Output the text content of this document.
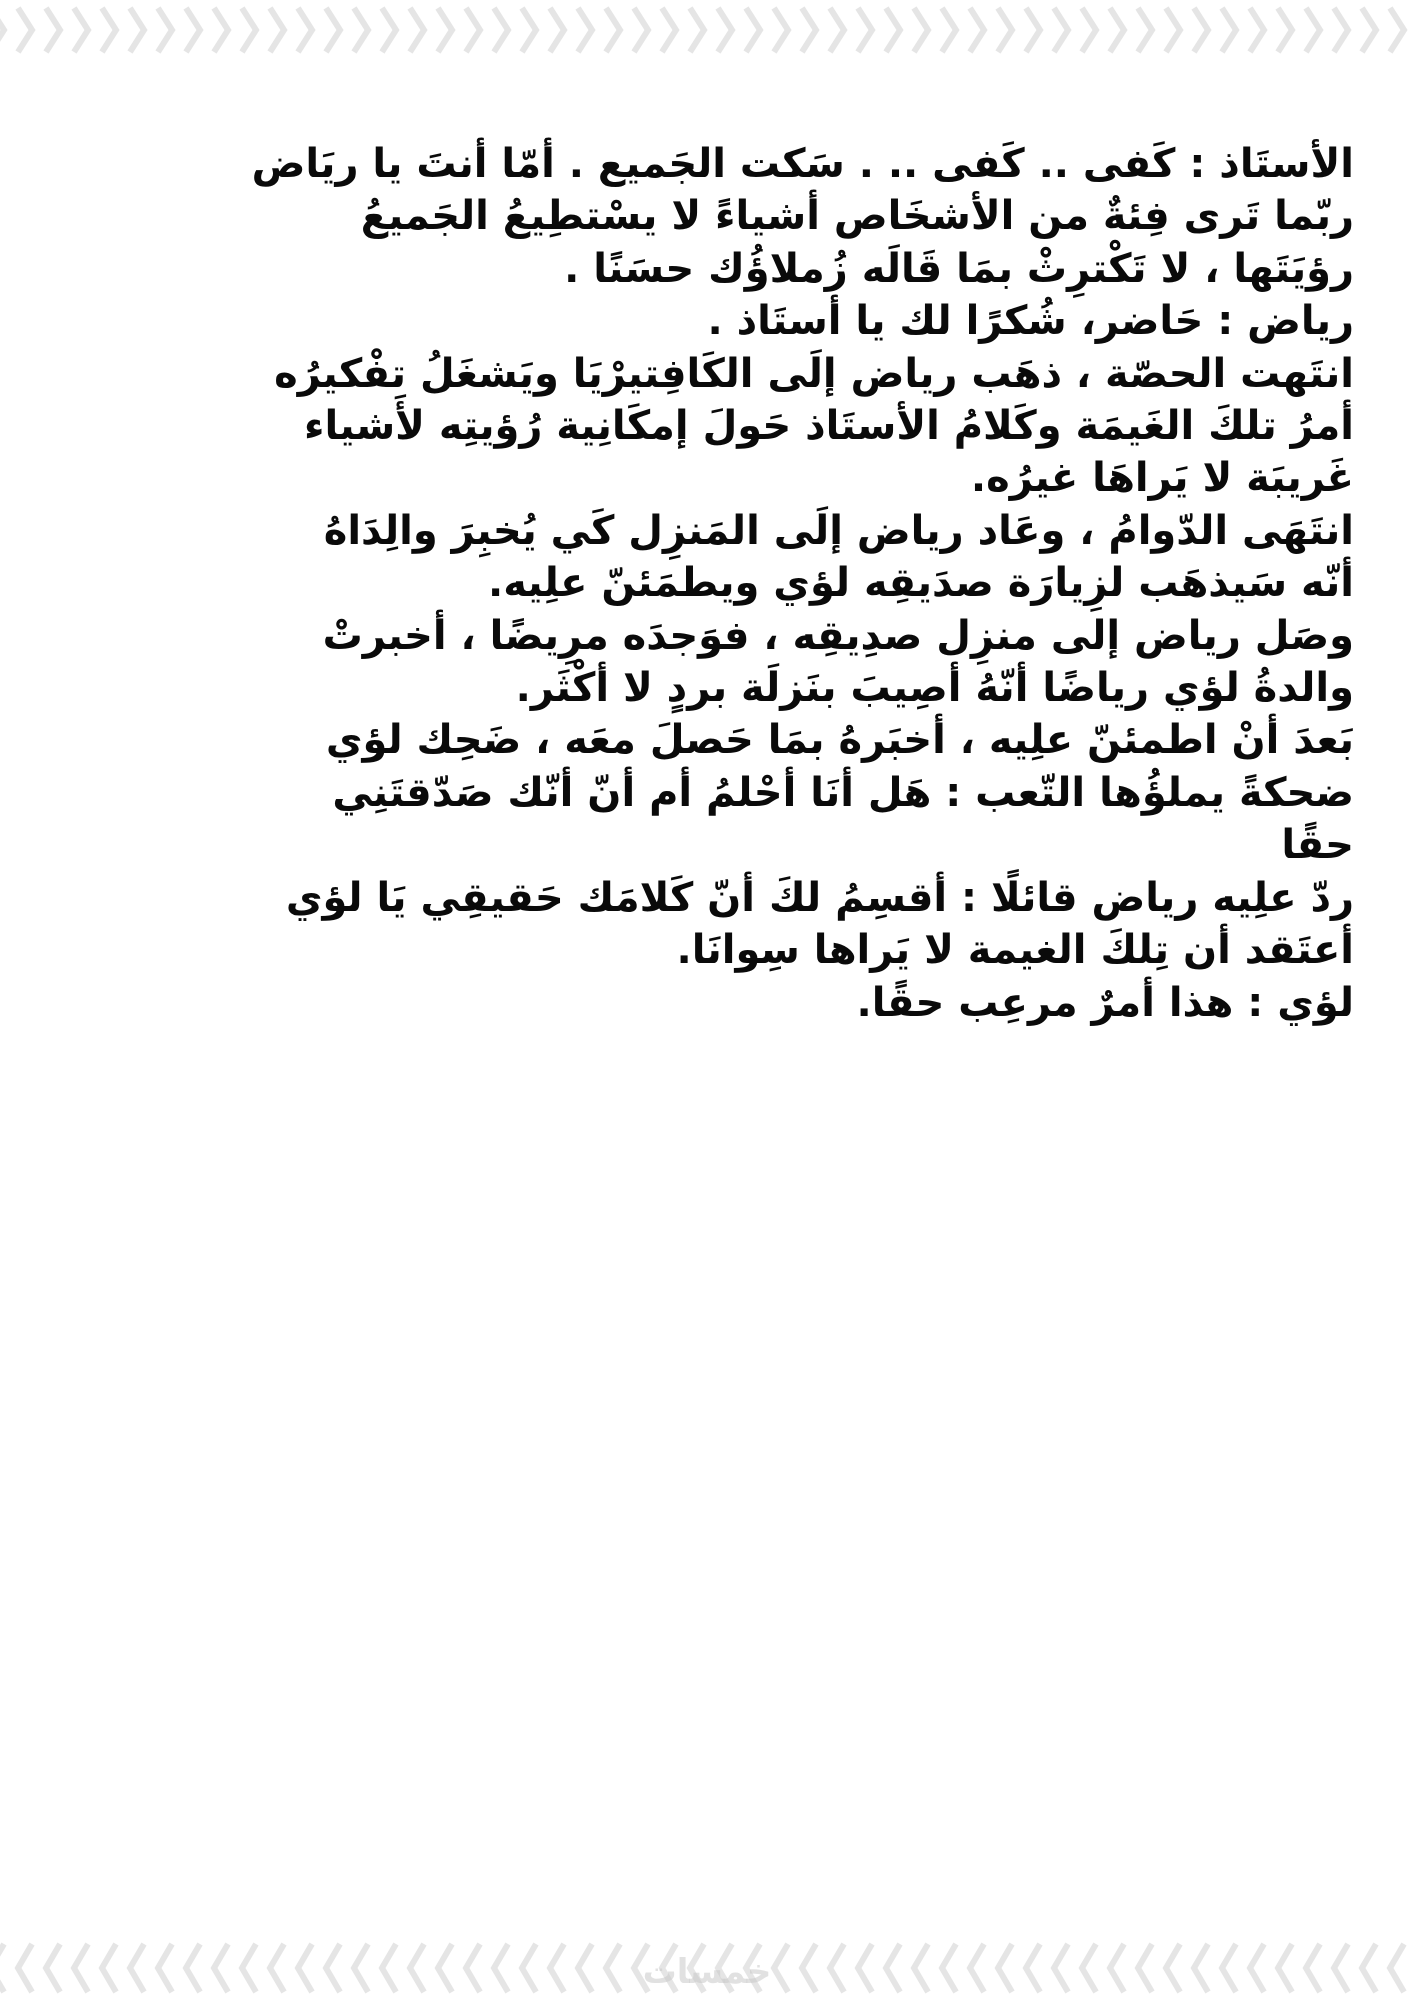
الأستَاذ : كَفى .. كَفى .. . سَكت الجَميع . أمّا أنتَ يا ريَاض

ربّما تَرى فِئةٌ من الأشخَاص أشياءً لا يسْتطِيعُ الجَميعُ

رؤيَتَها ، لا تَكْترِثْ بمَا قَالَه زُملاؤُك حسَنًا .

رياض : حَاضر، شُكرًا لك يا أستَاذ .

انتَهت الحصّة ، ذهَب رياض إلَى الكَافِتيرْيَا ويَشغَلُ تفْكيرُه

أمرُ تلكَ الغَيمَة وكَلامُ الأستَاذ حَولَ إمكَانِية رُؤيتِه لأَشياء

غَريبَة لا يَراهَا غيرُه.

انتَهَى الدّوامُ ، وعَاد رياض إلَى المَنزِل كَي يُخبِرَ والِدَاهُ

أنّه سَيذهَب لزِيارَة صدَيقِه لؤي ويطمَئنّ علِيه.

وصَل رياض إلى منزِل صدِيقِه ، فوَجدَه مرِيضًا ، أخبرتْ

والدةُ لؤي رياضًا أنّهُ أصِيبَ بنَزلَة بردٍ لا أكْثَر.

بَعدَ أنْ اطمئنّ علِيه ، أخبَرهُ بمَا حَصلَ معَه ، ضَحِك لؤي

ضحكةً يملؤُها التّعب : هَل أنَا أحْلمُ أم أنّ أنّك صَدّقتَنِي

حقًا

ردّ علِيه رياض قائلًا : أقسِمُ لكَ أنّ كَلامَك حَقيقِي يَا لؤي

أعتَقد أن تِلكَ الغيمة لا يَراها سِوانَا.

لؤي : هذا أمرٌ مرعِب حقًا.

خمسات
